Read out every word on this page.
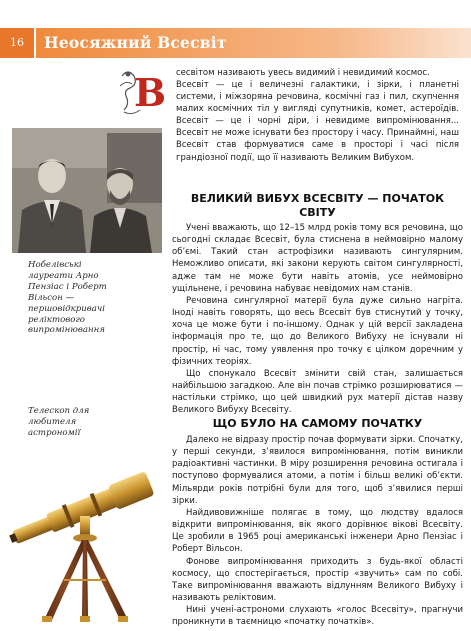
16	Неосяжний Всесвіт
Нобелівські лауреати Арно Пензіас і Роберт Вільсон — першовідкривачі реліктового випромінювання
Телескоп для любителя астрономії
В сесвітом називають увесь видимий і невидимий космос.
Всесвіт — це і величезні галактики, і зірки, і планетні системи, і міжзоряна речовина, космічні газ і пил, скупчення малих космічних тіл у вигляді супутників, комет, астероїдів. Всесвіт — це і чорні діри, і невидиме випромінювання... Всесвіт не може існувати без простору і часу. Принаймні, наш Всесвіт став формуватися саме в просторі і часі після грандіозної події, що її називають Великим Вибухом.
ВЕЛИКИЙ ВИБУХ ВСЕСВІТУ — ПОЧАТОК СВІТУ

Учені вважають, що 12–15 млрд років тому вся речовина, що сьогодні складає Всесвіт, була стиснена в неймовірно малому об’ємі. Такий стан астрофізики називають сингулярним. Неможливо описати, які закони керують світом сингулярності, адже там не може бути навіть атомів, усе неймовірно ущільнене, і речовина набуває невідомих нам станів.

Речовина сингулярної матерії була дуже сильно нагріта. Іноді навіть говорять, що весь Всесвіт був стиснутий у точку, хоча це може бути і по-іншому. Однак у цій версії закладена інформація про те, що до Великого Вибуху не існували ні простір, ні час, тому уявлення про точку є цілком доречним у фізичних теоріях.

Що спонукало Всесвіт змінити свій стан, залишається найбільшою загадкою. Але він почав стрімко розширюватися — настільки стрімко, що цей швидкий рух матерії дістав назву Великого Вибуху Всесвіту.

ЩО БУЛО НА САМОМУ ПОЧАТКУ

Далеко не відразу простір почав формувати зірки. Спочатку, у перші секунди, з’явилося випромінювання, потім виникли радіоактивні частинки. В міру розширення речовина остигала і поступово формувалися атоми, а потім і більш великі об’єкти. Мільярди років потрібні були для того, щоб з’явилися перші зірки.

Найдивовижніше полягає в тому, що людству вдалося відкрити випромінювання, вік якого дорівнює вікові Всесвіту. Це зробили в 1965 році американські інженери Арно Пензіас і Роберт Вільсон.

Фонове випромінювання приходить з будь-якої області космосу, що спостерігається, простір «звучить» сам по собі. Таке випромінювання вважають відлунням Великого Вибуху і називають реліктовим.

Нині учені-астрономи слухають «голос Всесвіту», прагнучи проникнути в таємницю «початку початків».
